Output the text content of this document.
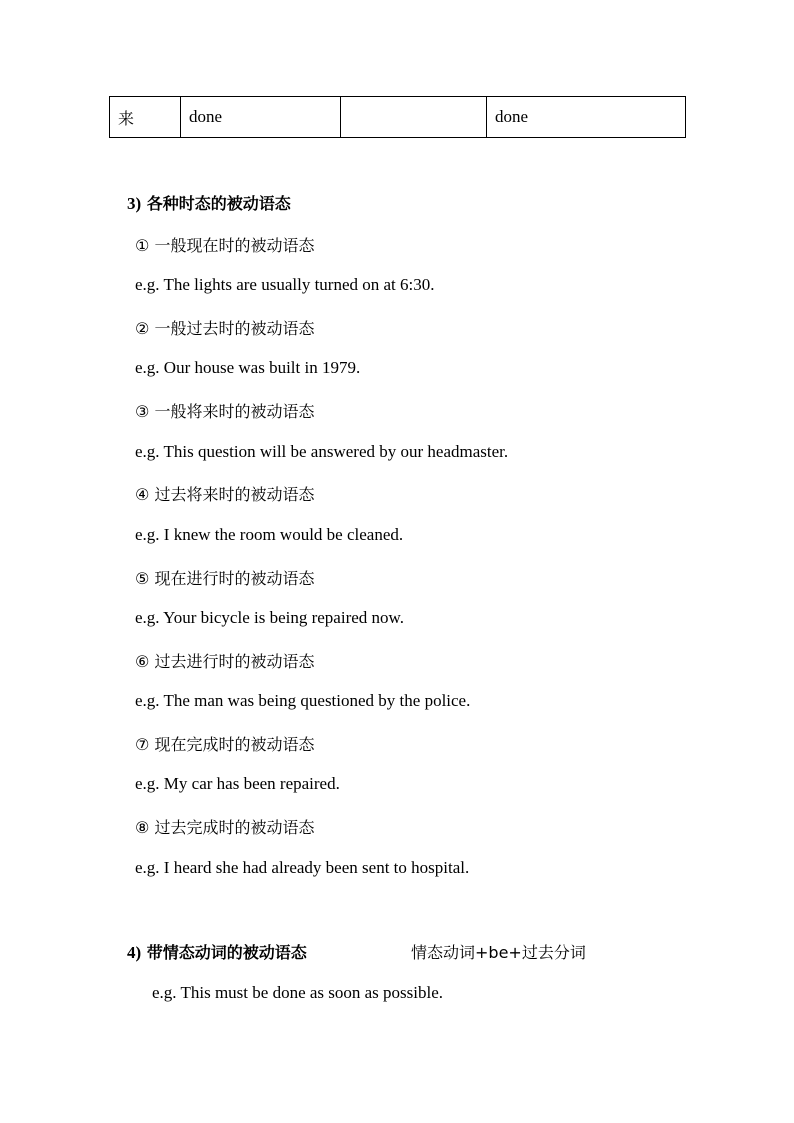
来	done		done
3) 各种时态的被动语态
① 一般现在时的被动语态
e.g. The lights are usually turned on at 6:30.
② 一般过去时的被动语态
e.g. Our house was built in 1979.
③ 一般将来时的被动语态
e.g. This question will be answered by our headmaster.
④ 过去将来时的被动语态
e.g. I knew the room would be cleaned.
⑤ 现在进行时的被动语态
e.g. Your bicycle is being repaired now.
⑥ 过去进行时的被动语态
e.g. The man was being questioned by the police.
⑦ 现在完成时的被动语态
e.g. My car has been repaired.
⑧ 过去完成时的被动语态
e.g. I heard she had already been sent to hospital.
4) 带情态动词的被动语态	情态动词+be+过去分词
e.g. This must be done as soon as possible.
